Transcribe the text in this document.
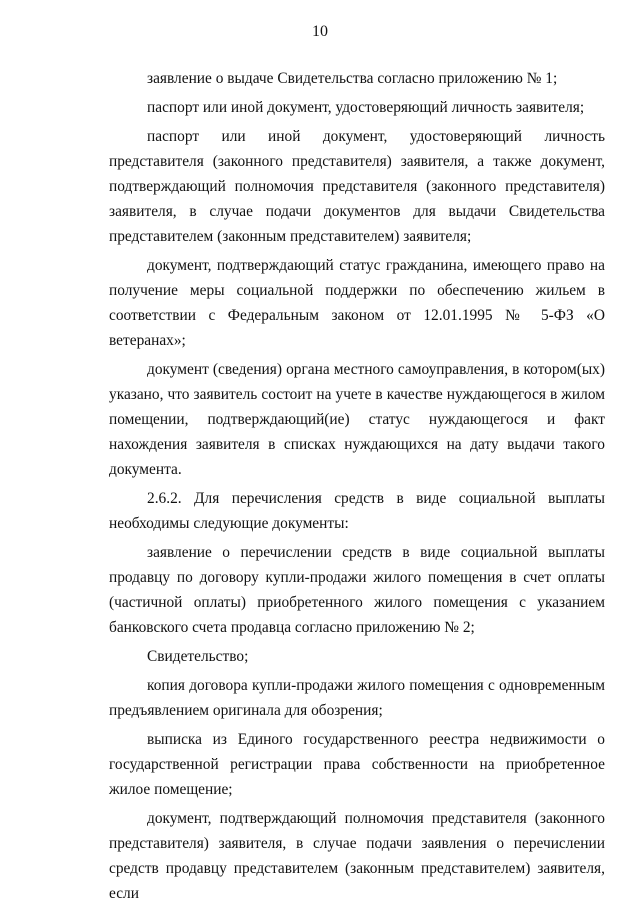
10

заявление о выдаче Свидетельства согласно приложению № 1;

паспорт или иной документ, удостоверяющий личность заявителя;

паспорт или иной документ, удостоверяющий личность представителя (законного представителя) заявителя, а также документ, подтверждающий полномочия представителя (законного представителя) заявителя, в случае подачи документов для выдачи Свидетельства представителем (законным представителем) заявителя;

документ, подтверждающий статус гражданина, имеющего право на получение меры социальной поддержки по обеспечению жильем в соответствии с Федеральным законом от 12.01.1995 № 5-ФЗ «О ветеранах»;

документ (сведения) органа местного самоуправления, в котором(ых) указано, что заявитель состоит на учете в качестве нуждающегося в жилом помещении, подтверждающий(ие) статус нуждающегося и факт нахождения заявителя в списках нуждающихся на дату выдачи такого документа.

2.6.2. Для перечисления средств в виде социальной выплаты необходимы следующие документы:

заявление о перечислении средств в виде социальной выплаты продавцу по договору купли-продажи жилого помещения в счет оплаты (частичной оплаты) приобретенного жилого помещения с указанием банковского счета продавца согласно приложению № 2;

Свидетельство;

копия договора купли-продажи жилого помещения с одновременным предъявлением оригинала для обозрения;

выписка из Единого государственного реестра недвижимости о государственной регистрации права собственности на приобретенное жилое помещение;

документ, подтверждающий полномочия представителя (законного представителя) заявителя, в случае подачи заявления о перечислении средств продавцу представителем (законным представителем) заявителя, если
